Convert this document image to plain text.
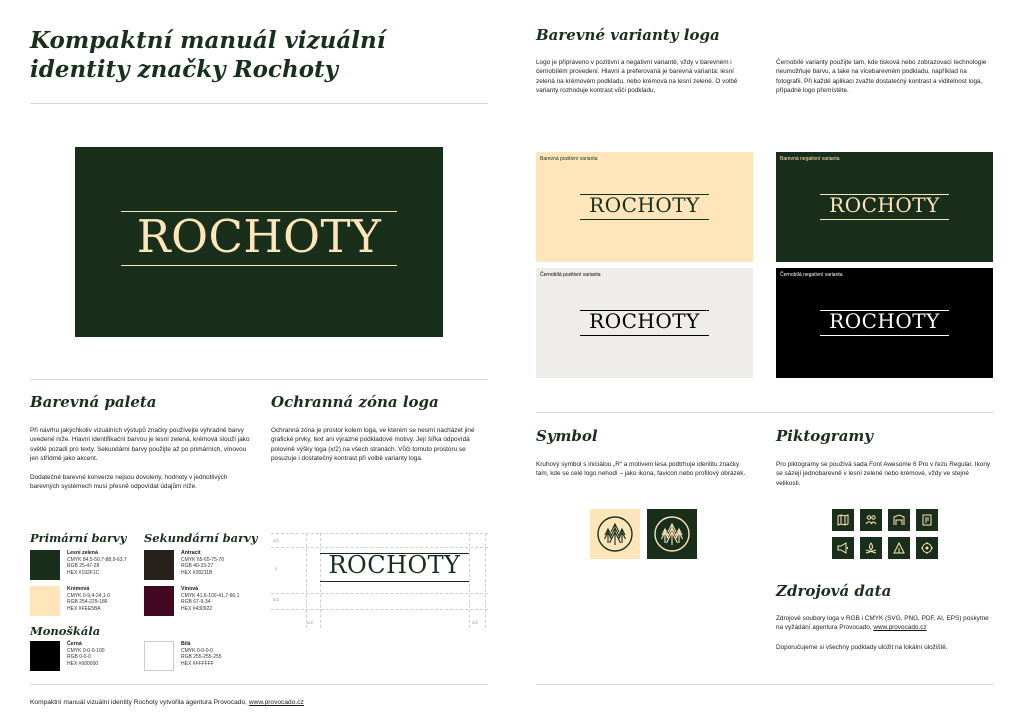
Kompaktní manuál vizuální identity značky Rochoty
ROCHOTY
Barevná paleta
Při návrhu jakýchkoliv vizuálních výstupů značky používejte výhradně barvy uvedené níže. Hlavní identifikační barvou je lesní zelená, krémová slouží jako světlé pozadí pro texty. Sekundární barvy použijte až po primárních, vínovou jen střídmě jako akcent.
Dodatečné barevné konverze nejsou dovoleny, hodnoty v jednotlivých barevných systémech musí přesně odpovídat údajům níže.
Primární barvy Sekundární barvy
Monoškála
Lesní zelená
CMYK 84,5-50,7-88,9-63,7
RGB 25-47-28
HEX #192F1C
Krémová
CMYK 0-9,4-24,1-0
RGB 254-229-186
HEX #FEE5BA
Antracit
CMYK 65-65-75-70
RGB 40-33-27
HEX #28211B
Vínová
CMYK 41,6-100-41,7-66,1
RGB 67-9-34
HEX #430922
Černá
CMYK 0-0-0-100
RGB 0-0-0
HEX #000000
Bílá
CMYK 0-0-0-0
RGB 255-255-255
HEX #FFFFFF
Ochranná zóna loga
Ochranná zóna je prostor kolem loga, ve kterém se nesmí nacházet jiné grafické prvky, text ani výrazné podkladové motivy. Její šířka odpovídá polovině výšky loga (x/2) na všech stranách. Vůči tomuto prostoru se posuzuje i dostatečný kontrast při volbě varianty loga.
x/2
x
x/2
x/2	x/2
ROCHOTY
Kompaktní manuál vizuální identity Rochoty vytvořila agentura Provocado, www.provocado.cz
Barevné varianty loga
Logo je připraveno v pozitivní a negativní variantě, vždy v barevném i černobílém provedení. Hlavní a preferovaná je barevná varianta: lesní zelená na krémovém podkladu, nebo krémová na lesní zelené. O volbě varianty rozhoduje kontrast vůči podkladu.
Černobílé varianty použijte tam, kde tisková nebo zobrazovací technologie neumožňuje barvu, a také na vícebarevném podkladu, například na fotografii. Při každé aplikaci zvažte dostatečný kontrast a viditelnost loga, případně logo přemístěte.
Barevná pozitivní varianta
ROCHOTY
Barevná negativní varianta
ROCHOTY
Černobílá pozitivní varianta
ROCHOTY
Černobílá negativní varianta
ROCHOTY
Symbol
Kruhový symbol s iniciálou „R“ a motivem lesa podtrhuje identitu značky tam, kde se celé logo nehodí – jako ikona, favicon nebo profilový obrázek.
Piktogramy
Pro piktogramy se používá sada Font Awesome 6 Pro v řezu Regular. Ikony se sázejí jednobarevně v lesní zelené nebo krémové, vždy ve stejné velikosti.
Zdrojová data
Zdrojové soubory loga v RGB i CMYK (SVG, PNG, PDF, AI, EPS) poskytne na vyžádání agentura Provocado, www.provocado.cz
Doporučujeme si všechny podklady uložit na lokální úložiště.
